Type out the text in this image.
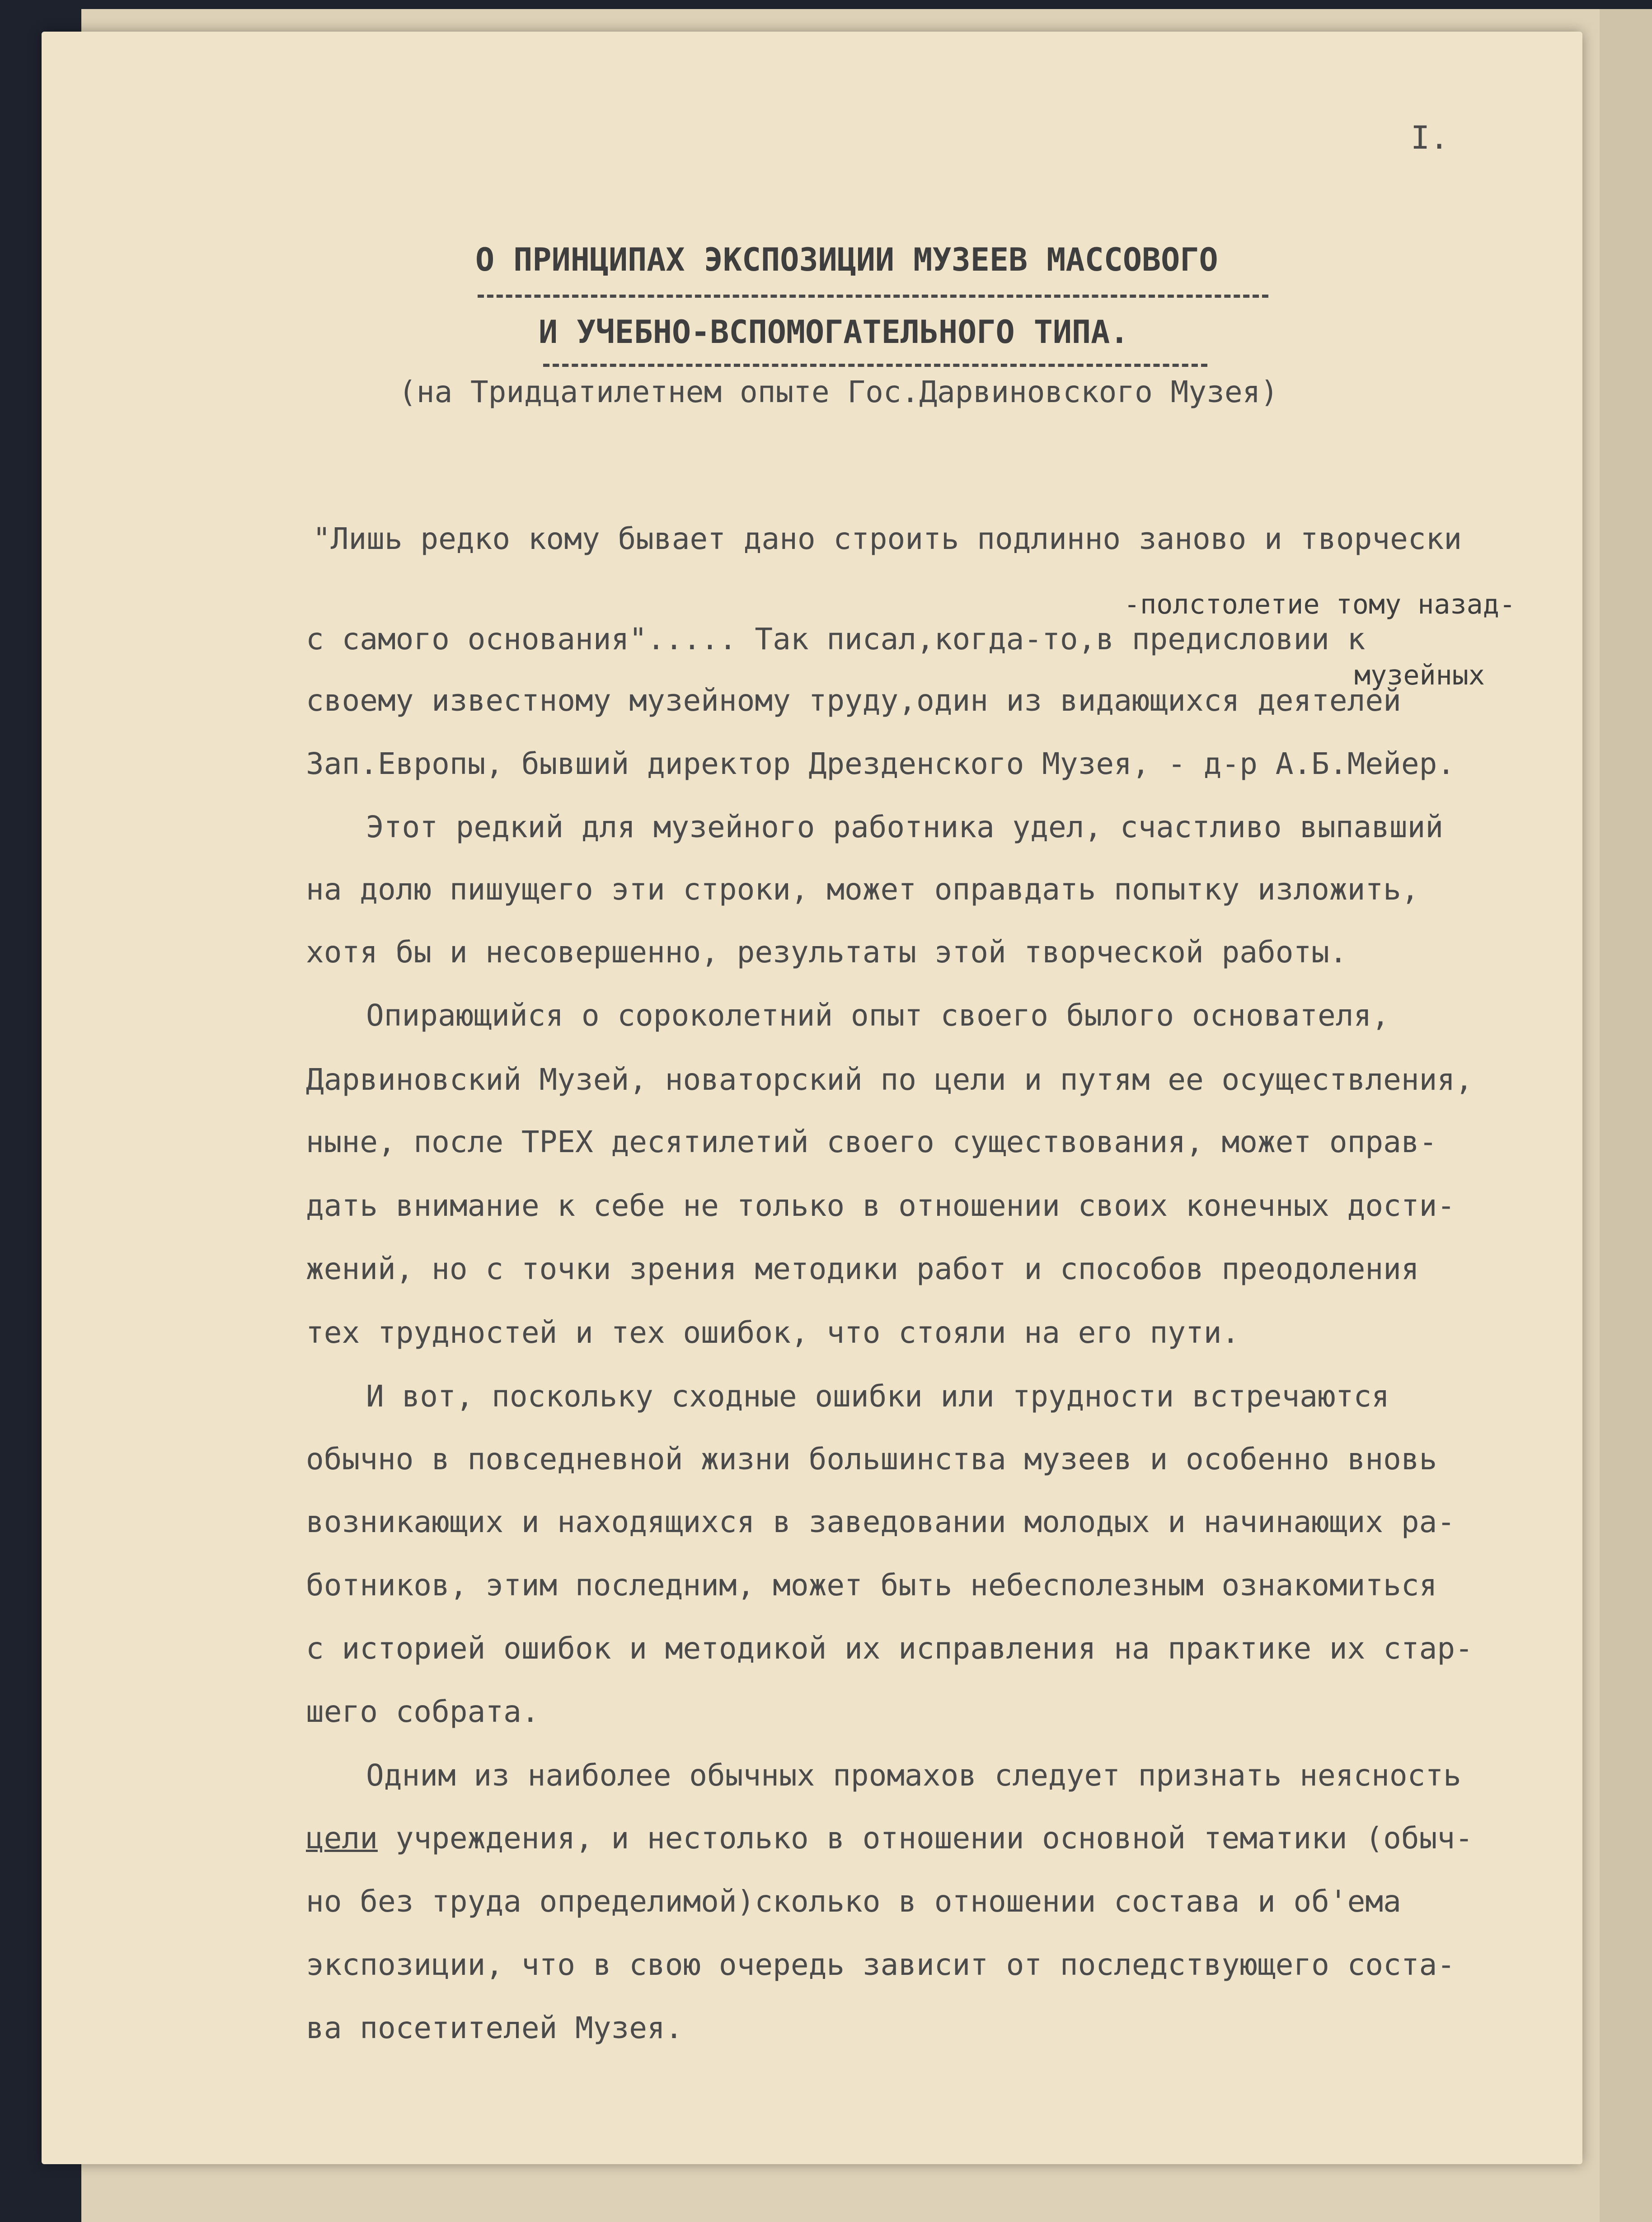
I.
О ПРИНЦИПАХ ЭКСПОЗИЦИИ МУЗЕЕВ МАССОВОГО
И УЧЕБНО-ВСПОМОГАТЕЛЬНОГО ТИПА.
(на Тридцатилетнем опыте Гос.Дарвиновского Музея)
"Лишь редко кому бывает дано строить подлинно заново и творчески
-полстолетие тому назад-
с самого основания"..... Так писал,когда-то,в предисловии к
музейных
своему известному музейному труду,один из видающихся деятелей
Зап.Европы, бывший директор Дрезденского Музея, - д-р А.Б.Мейер.
Этот редкий для музейного работника удел, счастливо выпавший
на долю пишущего эти строки, может оправдать попытку изложить,
хотя бы и несовершенно, результаты этой творческой работы.
Опирающийся о сороколетний опыт своего былого основателя,
Дарвиновский Музей, новаторский по цели и путям ее осуществления,
ныне, после ТРЕХ десятилетий своего существования, может оправ-
дать внимание к себе не только в отношении своих конечных дости-
жений, но с точки зрения методики работ и способов преодоления
тех трудностей и тех ошибок, что стояли на его пути.
И вот, поскольку сходные ошибки или трудности встречаются
обычно в повседневной жизни большинства музеев и особенно вновь
возникающих и находящихся в заведовании молодых и начинающих ра-
ботников, этим последним, может быть небесполезным ознакомиться
с историей ошибок и методикой их исправления на практике их стар-
шего собрата.
Одним из наиболее обычных промахов следует признать неясность
цели учреждения, и нестолько в отношении основной тематики (обыч-
но без труда определимой)сколько в отношении состава и об'ема
экспозиции, что в свою очередь зависит от последствующего соста-
ва посетителей Музея.
